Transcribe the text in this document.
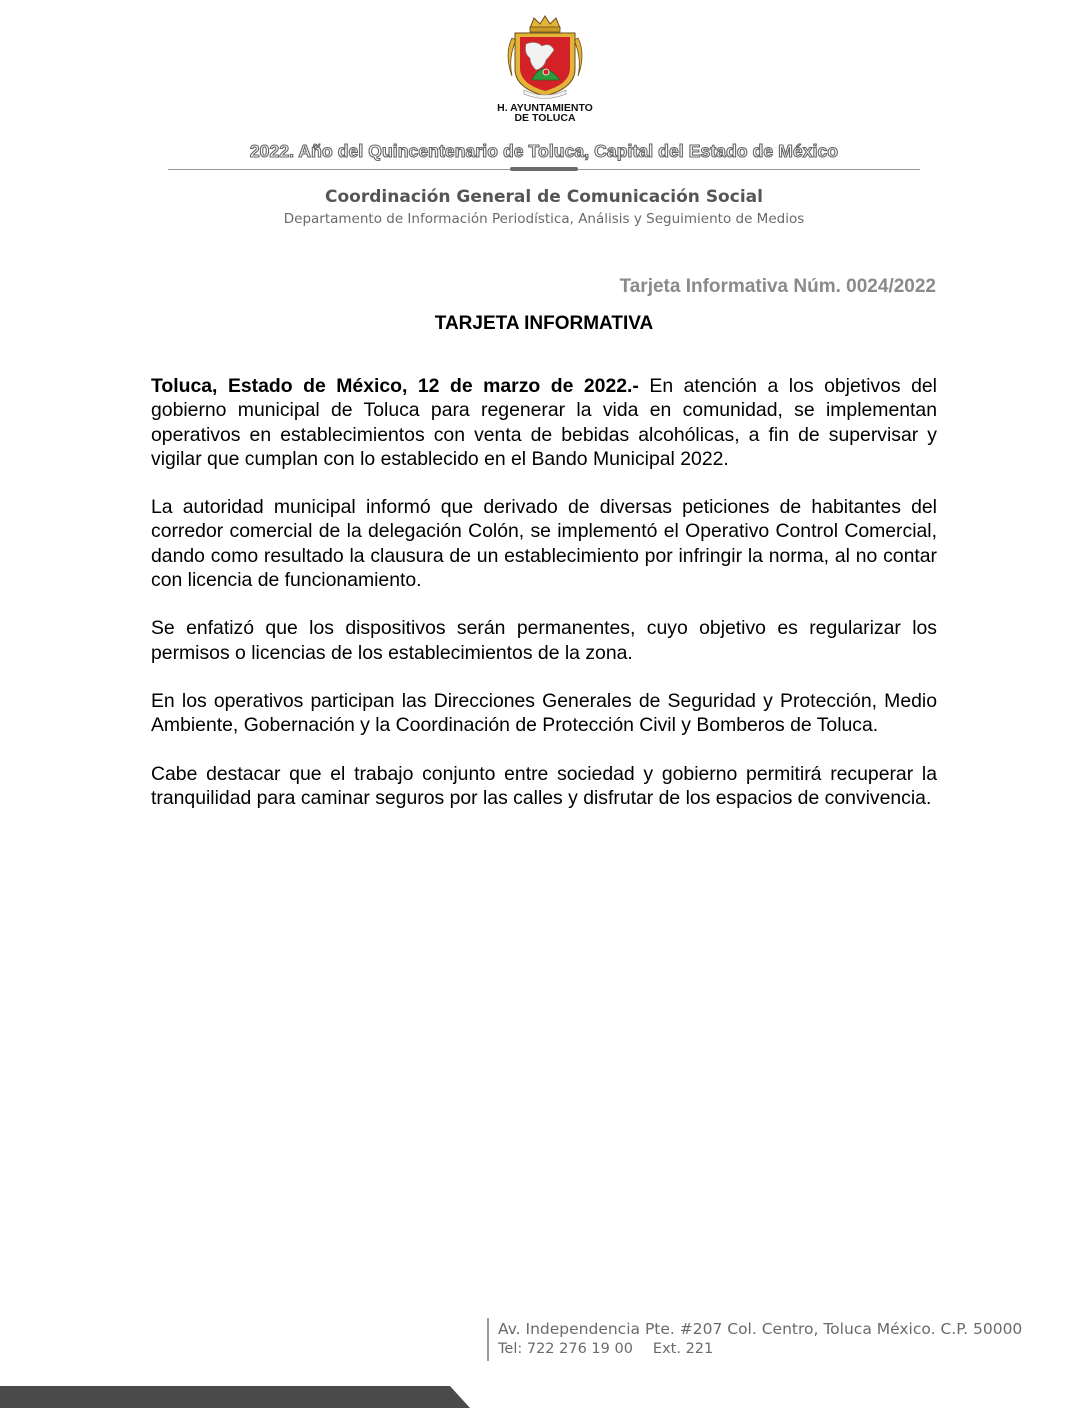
H. AYUNTAMIENTO
DE TOLUCA
2022. Año del Quincentenario de Toluca, Capital del Estado de México
Coordinación General de Comunicación Social
Departamento de Información Periodística, Análisis y Seguimiento de Medios
Tarjeta Informativa Núm. 0024/2022
TARJETA INFORMATIVA

Toluca, Estado de México, 12 de marzo de 2022.- En atención a los objetivos del gobierno municipal de Toluca para regenerar la vida en comunidad, se implementan operativos en establecimientos con venta de bebidas alcohólicas, a fin de supervisar y vigilar que cumplan con lo establecido en el Bando Municipal 2022.

La autoridad municipal informó que derivado de diversas peticiones de habitantes del corredor comercial de la delegación Colón, se implementó el Operativo Control Comercial, dando como resultado la clausura de un establecimiento por infringir la norma, al no contar con licencia de funcionamiento.

Se enfatizó que los dispositivos serán permanentes, cuyo objetivo es regularizar los permisos o licencias de los establecimientos de la zona.

En los operativos participan las Direcciones Generales de Seguridad y Protección, Medio Ambiente, Gobernación y la Coordinación de Protección Civil y Bomberos de Toluca.

Cabe destacar que el trabajo conjunto entre sociedad y gobierno permitirá recuperar la tranquilidad para caminar seguros por las calles y disfrutar de los espacios de convivencia.

Av. Independencia Pte. #207 Col. Centro, Toluca México. C.P. 50000
Tel: 722 276 19 00 Ext. 221
